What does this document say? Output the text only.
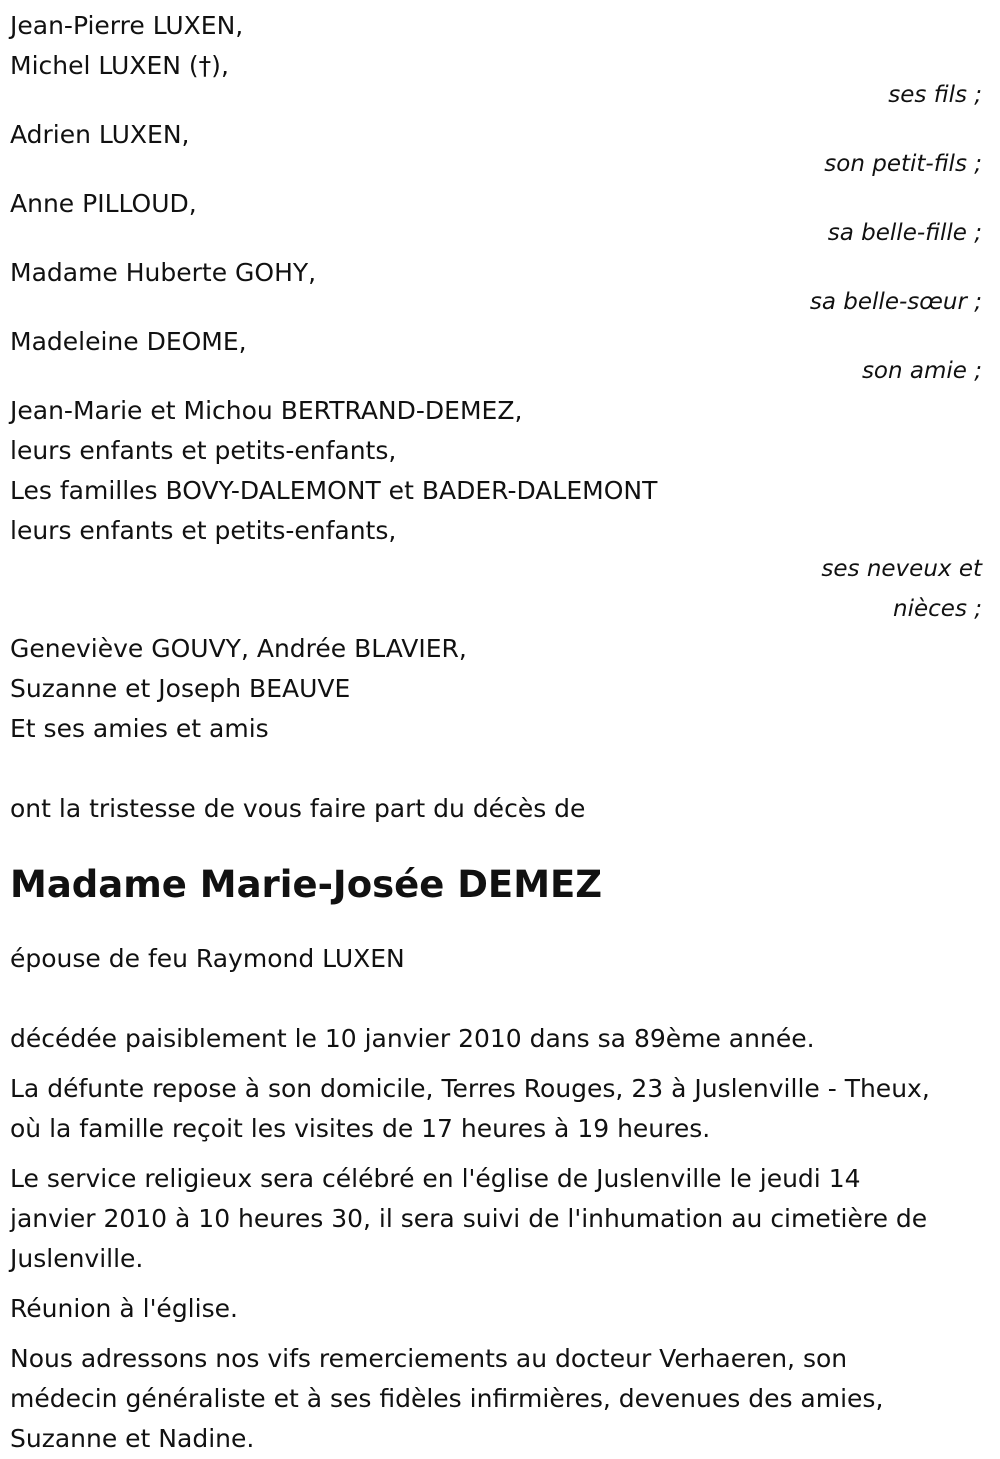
Jean-Pierre LUXEN,
Michel LUXEN (†),
ses fils ;
Adrien LUXEN,
son petit-fils ;
Anne PILLOUD,
sa belle-fille ;
Madame Huberte GOHY,
sa belle-sœur ;
Madeleine DEOME,
son amie ;
Jean-Marie et Michou BERTRAND-DEMEZ,
leurs enfants et petits-enfants,
Les familles BOVY-DALEMONT et BADER-DALEMONT
leurs enfants et petits-enfants,
ses neveux et
nièces ;
Geneviève GOUVY, Andrée BLAVIER,
Suzanne et Joseph BEAUVE
Et ses amies et amis
ont la tristesse de vous faire part du décès de
Madame Marie-Josée DEMEZ
épouse de feu Raymond LUXEN
décédée paisiblement le 10 janvier 2010 dans sa 89ème année.
La défunte repose à son domicile, Terres Rouges, 23 à Juslenville - Theux,
où la famille reçoit les visites de 17 heures à 19 heures.
Le service religieux sera célébré en l'église de Juslenville le jeudi 14
janvier 2010 à 10 heures 30, il sera suivi de l'inhumation au cimetière de
Juslenville.
Réunion à l'église.
Nous adressons nos vifs remerciements au docteur Verhaeren, son
médecin généraliste et à ses fidèles infirmières, devenues des amies,
Suzanne et Nadine.
